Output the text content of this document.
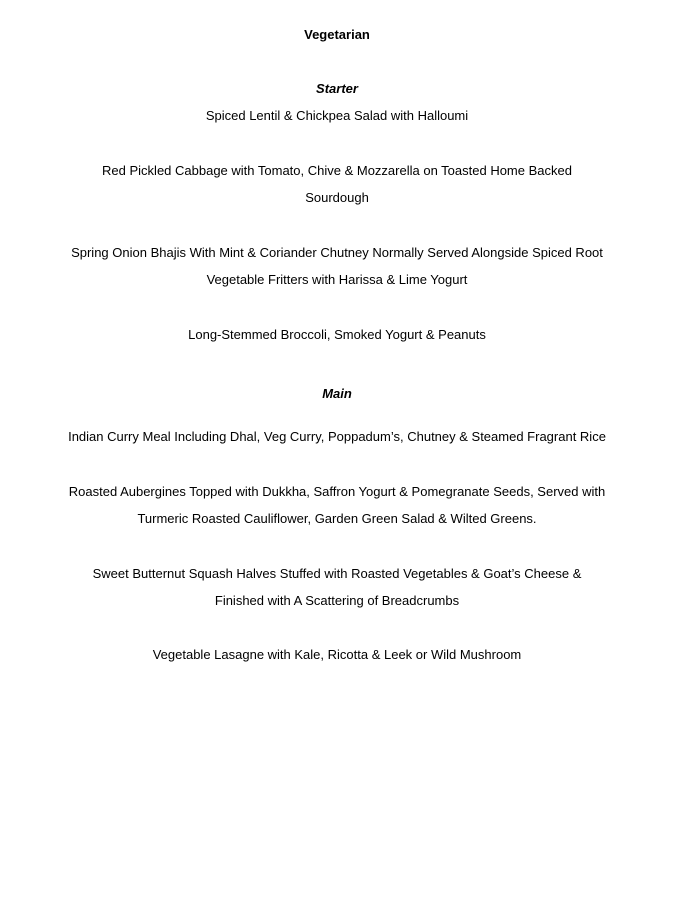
Vegetarian
Starter
Spiced Lentil & Chickpea Salad with Halloumi
Red Pickled Cabbage with Tomato, Chive & Mozzarella on Toasted Home Backed
Sourdough
Spring Onion Bhajis With Mint & Coriander Chutney Normally Served Alongside Spiced Root
Vegetable Fritters with Harissa & Lime Yogurt
Long-Stemmed Broccoli, Smoked Yogurt & Peanuts
Main
Indian Curry Meal Including Dhal, Veg Curry, Poppadum’s, Chutney & Steamed Fragrant Rice
Roasted Aubergines Topped with Dukkha, Saffron Yogurt & Pomegranate Seeds, Served with
Turmeric Roasted Cauliflower, Garden Green Salad & Wilted Greens.
Sweet Butternut Squash Halves Stuffed with Roasted Vegetables & Goat’s Cheese &
Finished with A Scattering of Breadcrumbs
Vegetable Lasagne with Kale, Ricotta & Leek or Wild Mushroom
